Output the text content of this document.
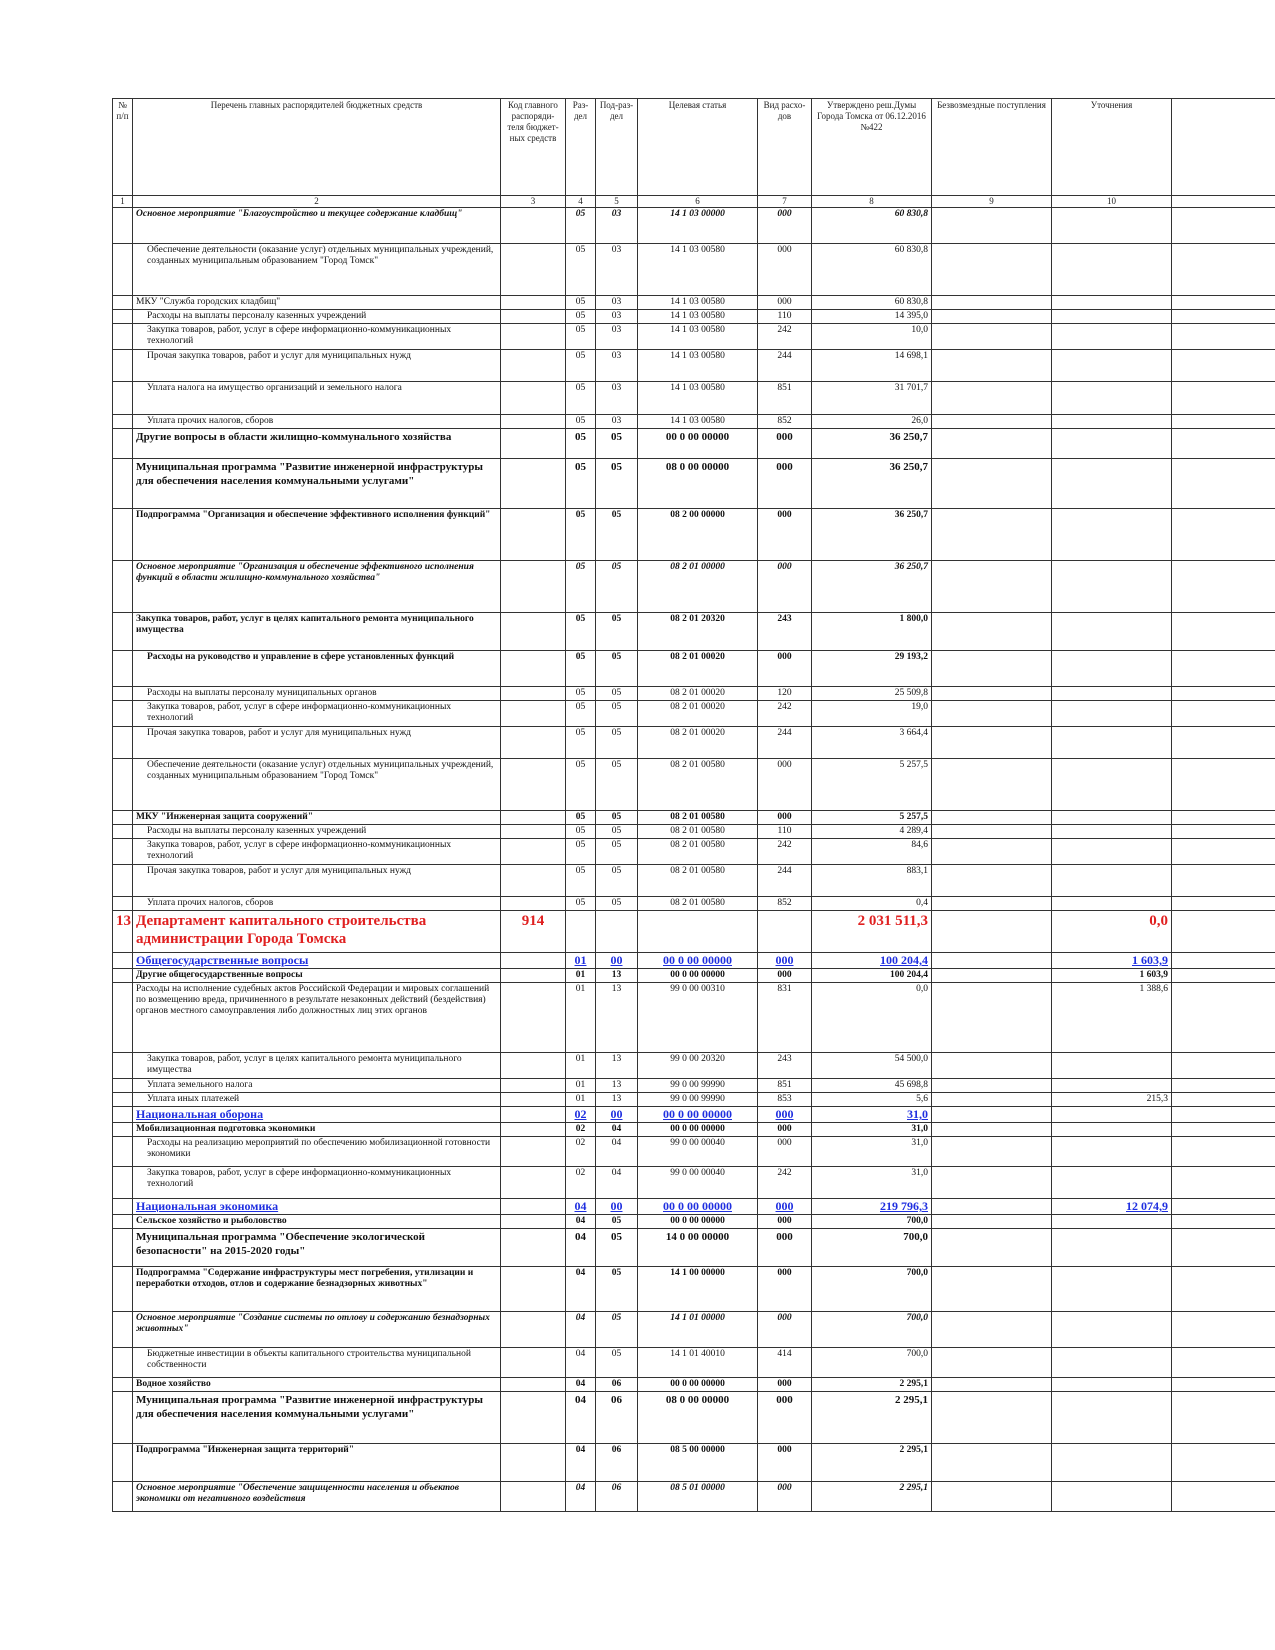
№ п/п	Перечень главных распорядителей бюджетных средств	Код главного распоряди-теля бюджет-ных средств	Раз-дел	Под-раз-дел	Целевая статья	Вид расхо-дов	Утверждено реш.Думы Города Томска от 06.12.2016 №422	Безвозмездные поступления	Уточнения	
1	2	3	4	5	6	7	8	9	10	
	Основное мероприятие "Благоустройство и текущее содержание кладбищ"		05	03	14 1 03 00000	000	60 830,8			
	Обеспечение деятельности (оказание услуг) отдельных муниципальных учреждений, созданных муниципальным образованием "Город Томск"		05	03	14 1 03 00580	000	60 830,8			
	МКУ "Служба городских кладбищ"		05	03	14 1 03 00580	000	60 830,8			
	Расходы на выплаты персоналу казенных учреждений		05	03	14 1 03 00580	110	14 395,0			
	Закупка товаров, работ, услуг в сфере информационно-коммуникационных технологий		05	03	14 1 03 00580	242	10,0			
	Прочая закупка товаров, работ и услуг для муниципальных нужд		05	03	14 1 03 00580	244	14 698,1			
	Уплата налога на имущество организаций и земельного налога		05	03	14 1 03 00580	851	31 701,7			
	Уплата прочих налогов, сборов		05	03	14 1 03 00580	852	26,0			
	Другие вопросы в области жилищно-коммунального хозяйства		05	05	00 0 00 00000	000	36 250,7			
	Муниципальная программа "Развитие инженерной инфраструктуры для обеспечения населения коммунальными услугами"		05	05	08 0 00 00000	000	36 250,7			
	Подпрограмма "Организация и обеспечение эффективного исполнения функций"		05	05	08 2 00 00000	000	36 250,7			
	Основное мероприятие "Организация и обеспечение эффективного исполнения функций в области жилищно-коммунального хозяйства"		05	05	08 2 01 00000	000	36 250,7			
	Закупка товаров, работ, услуг в целях капитального ремонта муниципального имущества		05	05	08 2 01 20320	243	1 800,0			
	Расходы на руководство и управление в сфере установленных функций		05	05	08 2 01 00020	000	29 193,2			
	Расходы на выплаты персоналу муниципальных органов		05	05	08 2 01 00020	120	25 509,8			
	Закупка товаров, работ, услуг в сфере информационно-коммуникационных технологий		05	05	08 2 01 00020	242	19,0			
	Прочая закупка товаров, работ и услуг для муниципальных нужд		05	05	08 2 01 00020	244	3 664,4			
	Обеспечение деятельности (оказание услуг) отдельных муниципальных учреждений, созданных муниципальным образованием "Город Томск"		05	05	08 2 01 00580	000	5 257,5			
	МКУ "Инженерная защита сооружений"		05	05	08 2 01 00580	000	5 257,5			
	Расходы на выплаты персоналу казенных учреждений		05	05	08 2 01 00580	110	4 289,4			
	Закупка товаров, работ, услуг в сфере информационно-коммуникационных технологий		05	05	08 2 01 00580	242	84,6			
	Прочая закупка товаров, работ и услуг для муниципальных нужд		05	05	08 2 01 00580	244	883,1			
	Уплата прочих налогов, сборов		05	05	08 2 01 00580	852	0,4			
13	Департамент капитального строительства администрации Города Томска	914					2 031 511,3		0,0	
	Общегосударственные вопросы		01	00	00 0 00 00000	000	100 204,4		1 603,9	
	Другие общегосударственные вопросы		01	13	00 0 00 00000	000	100 204,4		1 603,9	
	Расходы на исполнение судебных актов Российской Федерации и мировых соглашений по возмещению вреда, причиненного в результате незаконных действий (бездействия) органов местного самоуправления либо должностных лиц этих органов		01	13	99 0 00 00310	831	0,0		1 388,6	
	Закупка товаров, работ, услуг в целях капитального ремонта муниципального имущества		01	13	99 0 00 20320	243	54 500,0			
	Уплата земельного налога		01	13	99 0 00 99990	851	45 698,8			
	Уплата иных платежей		01	13	99 0 00 99990	853	5,6		215,3	
	Национальная оборона		02	00	00 0 00 00000	000	31,0			
	Мобилизационная подготовка экономики		02	04	00 0 00 00000	000	31,0			
	Расходы на реализацию мероприятий по обеспечению мобилизационной готовности экономики		02	04	99 0 00 00040	000	31,0			
	Закупка товаров, работ, услуг в сфере информационно-коммуникационных технологий		02	04	99 0 00 00040	242	31,0			
	Национальная экономика		04	00	00 0 00 00000	000	219 796,3		12 074,9	
	Сельское хозяйство и рыболовство		04	05	00 0 00 00000	000	700,0			
	Муниципальная программа "Обеспечение экологической безопасности" на 2015-2020 годы"		04	05	14 0 00 00000	000	700,0			
	Подпрограмма "Содержание инфраструктуры мест погребения, утилизации и переработки отходов, отлов и содержание безнадзорных животных"		04	05	14 1 00 00000	000	700,0			
	Основное мероприятие "Создание системы по отлову и содержанию безнадзорных животных"		04	05	14 1 01 00000	000	700,0			
	Бюджетные инвестиции в объекты капитального строительства муниципальной собственности		04	05	14 1 01 40010	414	700,0			
	Водное хозяйство		04	06	00 0 00 00000	000	2 295,1			
	Муниципальная программа "Развитие инженерной инфраструктуры для обеспечения населения коммунальными услугами"		04	06	08 0 00 00000	000	2 295,1			
	Подпрограмма "Инженерная защита территорий"		04	06	08 5 00 00000	000	2 295,1			
	Основное мероприятие "Обеспечение защищенности населения и объектов экономики от негативного воздействия		04	06	08 5 01 00000	000	2 295,1			
